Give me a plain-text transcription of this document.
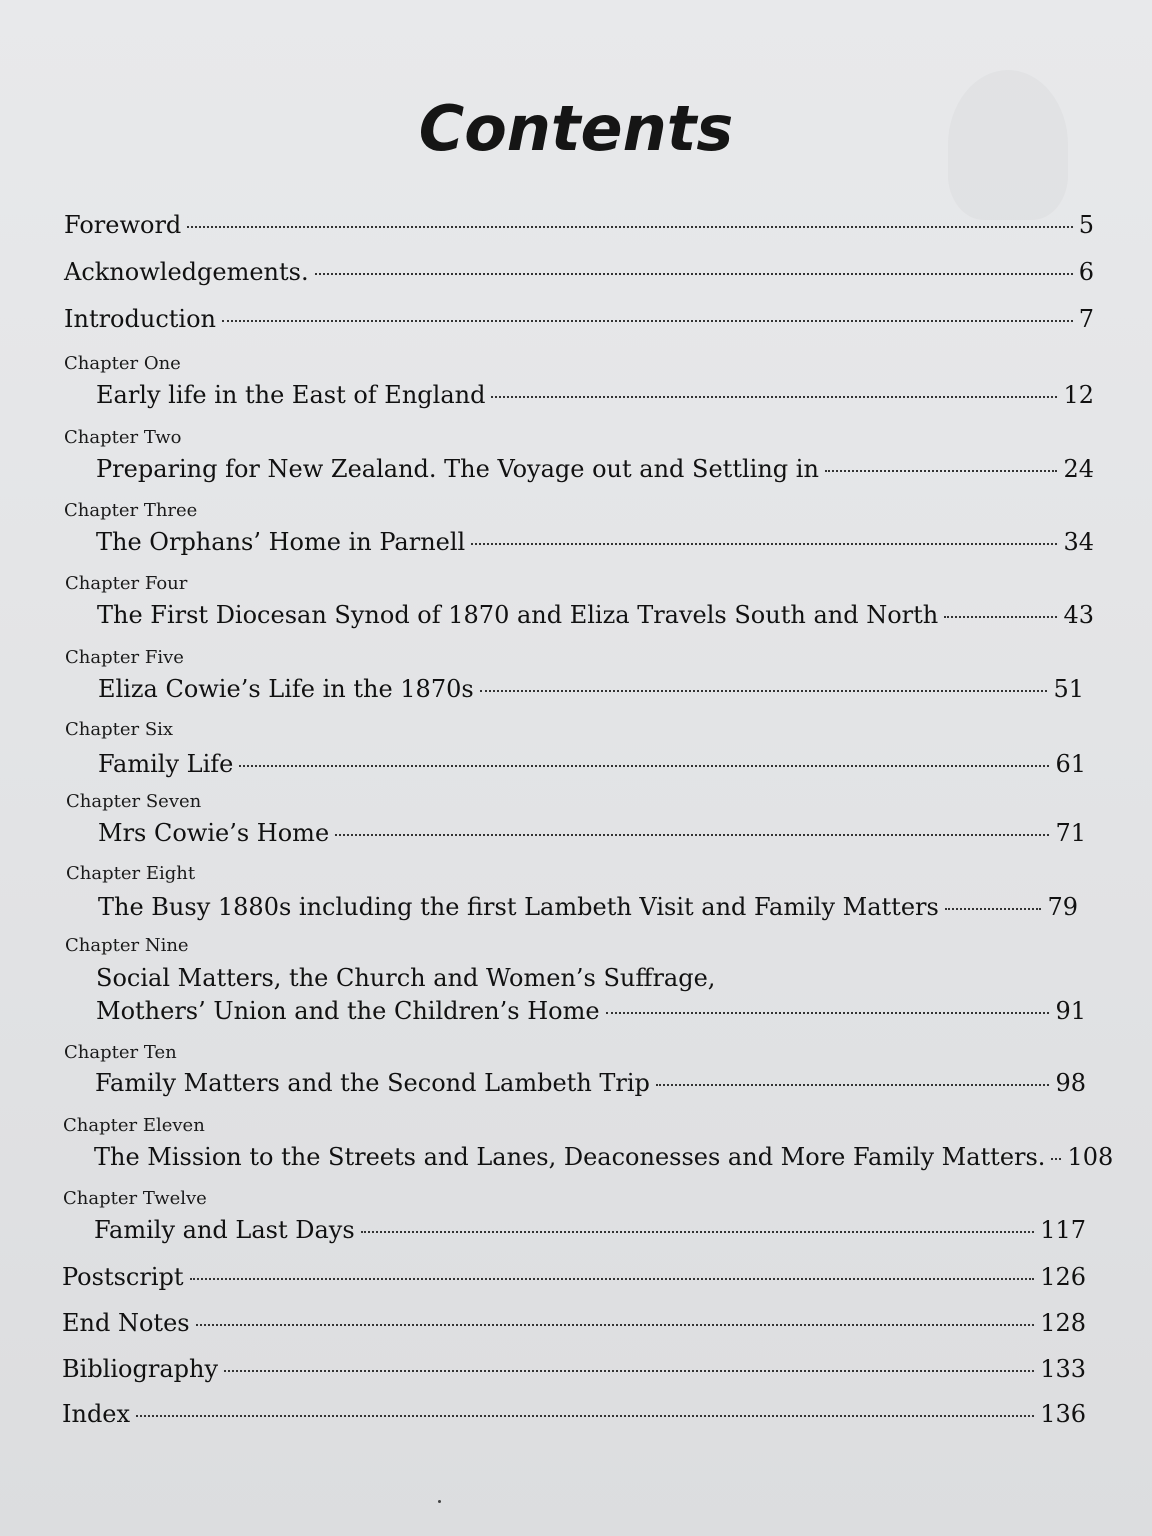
Contents
Foreword	5
Acknowledgements.	6
Introduction	7
Chapter One
Early life in the East of England	12
Chapter Two
Preparing for New Zealand. The Voyage out and Settling in	24
Chapter Three
The Orphans’ Home in Parnell	34
Chapter Four
The First Diocesan Synod of 1870 and Eliza Travels South and North	43
Chapter Five
Eliza Cowie’s Life in the 1870s	51
Chapter Six
Family Life	61
Chapter Seven
Mrs Cowie’s Home	71
Chapter Eight
The Busy 1880s including the first Lambeth Visit and Family Matters	79
Chapter Nine
Social Matters, the Church and Women’s Suffrage,
Mothers’ Union and the Children’s Home	91
Chapter Ten
Family Matters and the Second Lambeth Trip	98
Chapter Eleven
The Mission to the Streets and Lanes, Deaconesses and More Family Matters. 108
Chapter Twelve
Family and Last Days	117
Postscript	126
End Notes	128
Bibliography	133
Index	136
